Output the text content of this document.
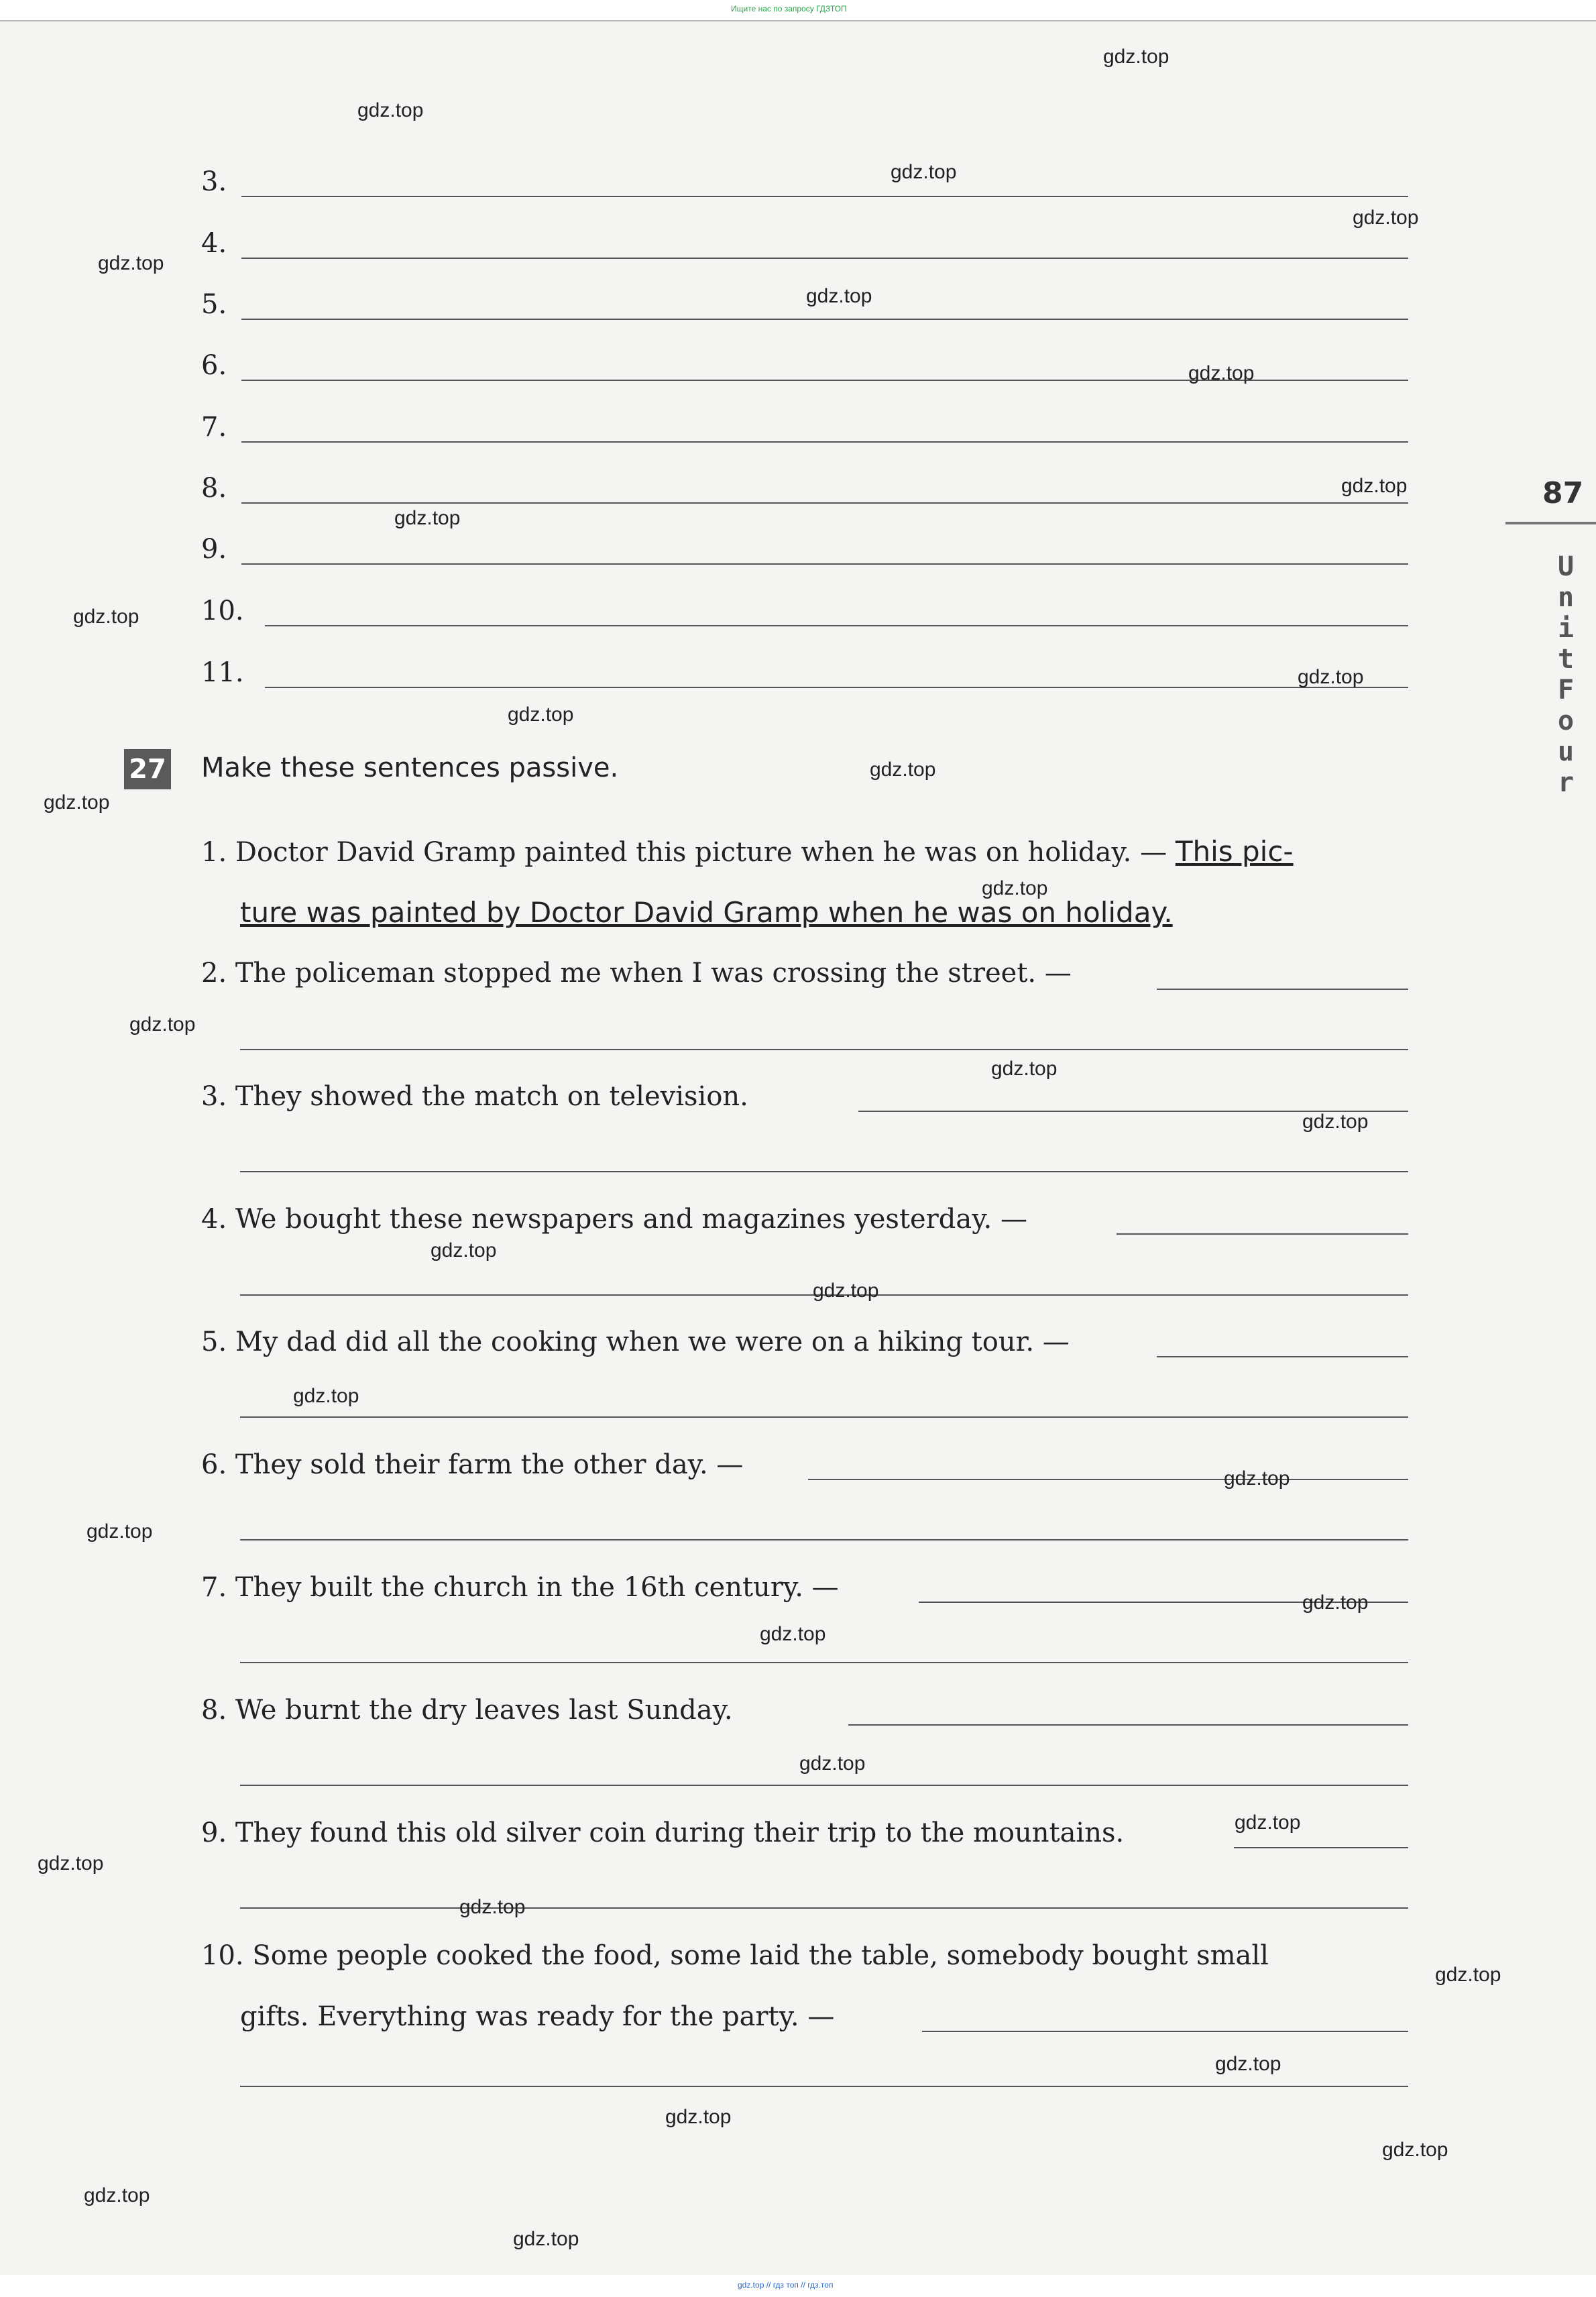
Ищите нас по запросу ГДЗТОП
87
U
n
i
t
F
o
u
r
3.
4.
5.
6.
7.
8.
9.
10.
11.
27 Make these sentences passive.
1. Doctor David Gramp painted this picture when he was on holiday. — This pic-
ture was painted by Doctor David Gramp when he was on holiday.
2. The policeman stopped me when I was crossing the street. —
3. They showed the match on television.
4. We bought these newspapers and magazines yesterday. —
5. My dad did all the cooking when we were on a hiking tour. —
6. They sold their farm the other day. —
7. They built the church in the 16th century. —
8. We burnt the dry leaves last Sunday.
9. They found this old silver coin during their trip to the mountains.
10. Some people cooked the food, some laid the table, somebody bought small
gifts. Everything was ready for the party. —
gdz.top
gdz.top
gdz.top
gdz.top
gdz.top
gdz.top
gdz.top
gdz.top
gdz.top
gdz.top
gdz.top
gdz.top
gdz.top
gdz.top
gdz.top
gdz.top
gdz.top
gdz.top
gdz.top
gdz.top
gdz.top
gdz.top
gdz.top
gdz.top
gdz.top
gdz.top
gdz.top
gdz.top
gdz.top
gdz.top
gdz.top
gdz.top
gdz.top
gdz.top
gdz.top
gdz.top // гдз топ // гдз.топ
